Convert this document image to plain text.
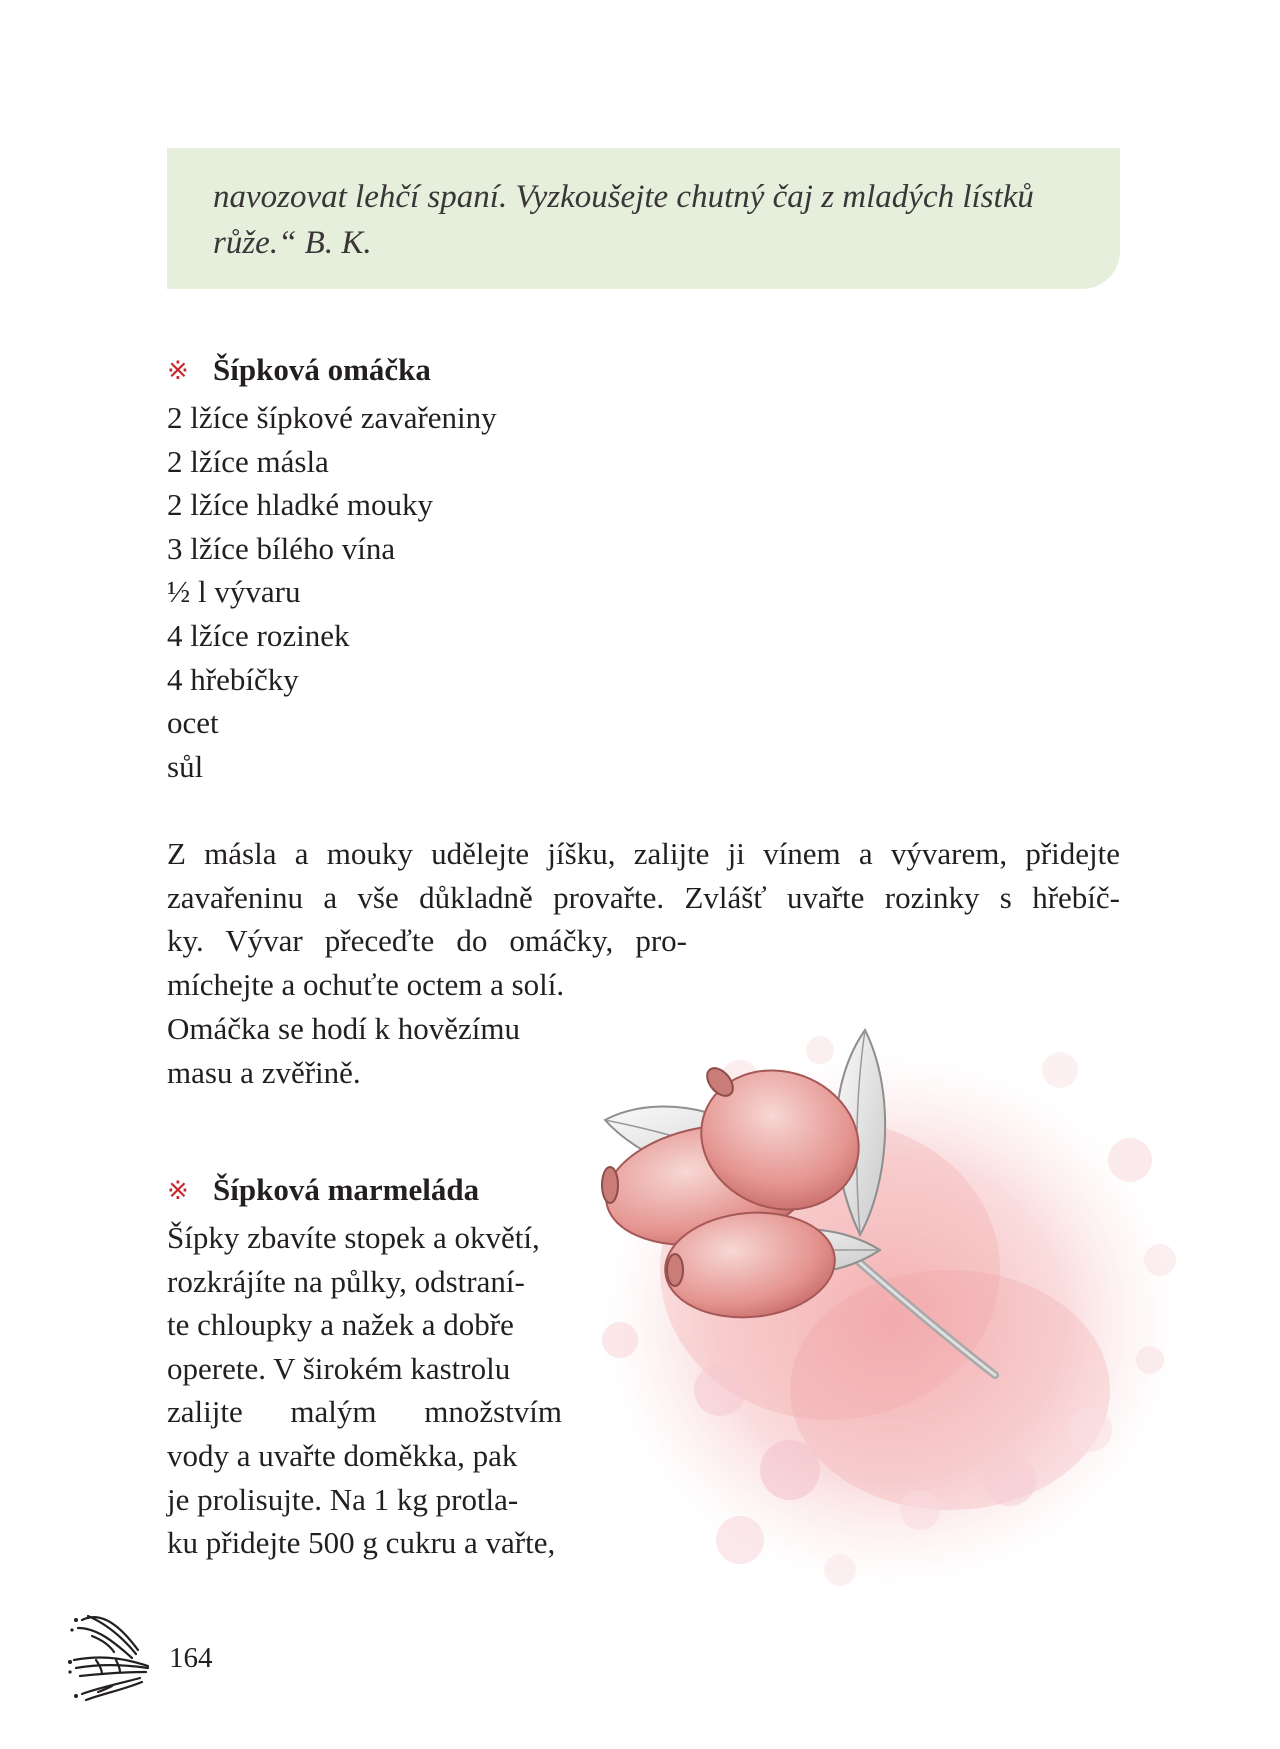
navozovat lehčí spaní. Vyzkoušejte chutný čaj z mladých lístků
růže.“ B. K.
※ Šípková omáčka
2 lžíce šípkové zavařeniny
2 lžíce másla
2 lžíce hladké mouky
3 lžíce bílého vína
½ l vývaru
4 lžíce rozinek
4 hřebíčky
ocet
sůl
Z másla a mouky udělejte jíšku, zalijte ji vínem a vývarem, přidejte
zavařeninu a vše důkladně provařte. Zvlášť uvařte rozinky s hřebíč-
ky. Vývar přeceďte do omáčky, pro-
míchejte a ochuťte octem a solí.
Omáčka se hodí k hovězímu
masu a zvěřině.
※ Šípková marmeláda
Šípky zbavíte stopek a okvětí,
rozkrájíte na půlky, odstraní-
te chloupky a nažek a dobře
operete. V širokém kastrolu
zalijte malým množstvím
vody a uvařte doměkka, pak
je prolisujte. Na 1 kg protla-
ku přidejte 500 g cukru a vařte,
164
